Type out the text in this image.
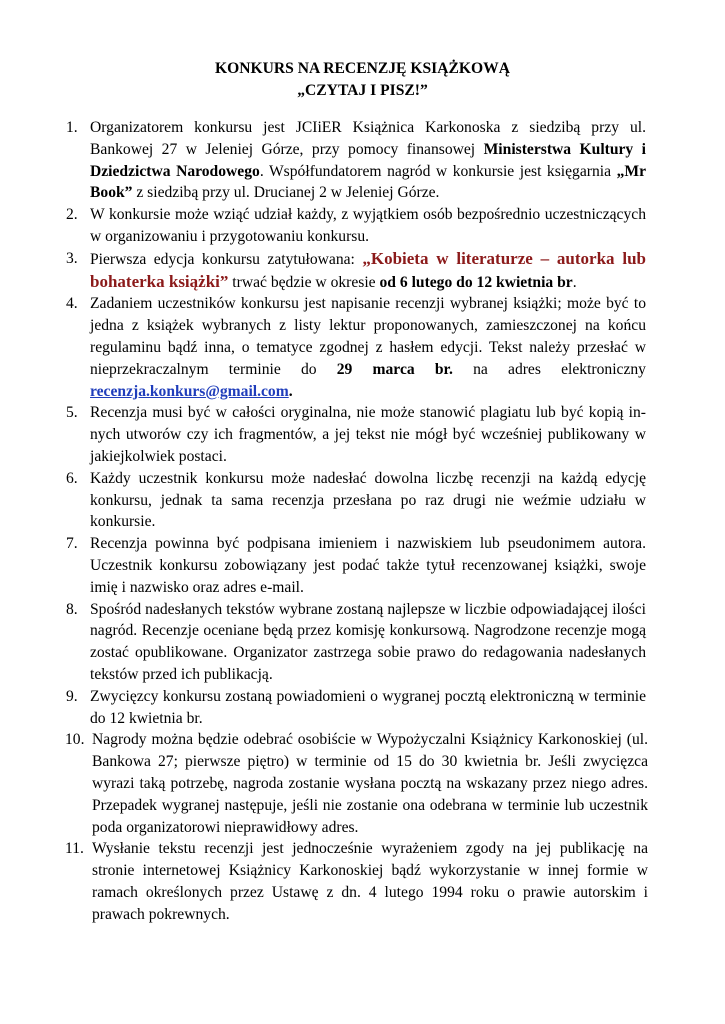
KONKURS NA RECENZJĘ KSIĄŻKOWĄ
„CZYTAJ I PISZ!”
1. Organizatorem konkursu jest JCIiER Książnica Karkonoska z siedzibą przy ul. Bankowej 27 w Jeleniej Górze, przy pomocy finansowej Ministerstwa Kultury i Dziedzictwa Narodowego. Współfundatorem nagród w konkursie jest księgarnia „Mr Book” z siedzibą przy ul. Drucianej 2 w Jeleniej Górze.
2. W konkursie może wziąć udział każdy, z wyjątkiem osób bezpośrednio uczestniczących w organizowaniu i przygotowaniu konkursu.
3. Pierwsza edycja konkursu zatytułowana: „Kobieta w literaturze – autorka lub bohaterka książki” trwać będzie w okresie od 6 lutego do 12 kwietnia br.
4. Zadaniem uczestników konkursu jest napisanie recenzji wybranej książki; może być to jedna z książek wybranych z listy lektur proponowanych, zamieszczonej na końcu regulaminu bądź inna, o tematyce zgodnej z hasłem edycji. Tekst należy przesłać w nieprzekraczalnym terminie do 29 marca br. na adres elektroniczny recenzja.konkurs@gmail.com.
5. Recenzja musi być w całości oryginalna, nie może stanowić plagiatu lub być kopią innych utworów czy ich fragmentów, a jej tekst nie mógł być wcześniej publikowany w jakiejkolwiek postaci.
6. Każdy uczestnik konkursu może nadesłać dowolna liczbę recenzji na każdą edycję konkursu, jednak ta sama recenzja przesłana po raz drugi nie weźmie udziału w konkursie.
7. Recenzja powinna być podpisana imieniem i nazwiskiem lub pseudonimem autora. Uczestnik konkursu zobowiązany jest podać także tytuł recenzowanej książki, swoje imię i nazwisko oraz adres e-mail.
8. Spośród nadesłanych tekstów wybrane zostaną najlepsze w liczbie odpowiadającej ilości nagród. Recenzje oceniane będą przez komisję konkursową. Nagrodzone recenzje mogą zostać opublikowane. Organizator zastrzega sobie prawo do redagowania nadesłanych tekstów przed ich publikacją.
9. Zwycięzcy konkursu zostaną powiadomieni o wygranej pocztą elektroniczną w terminie do 12 kwietnia br.
10. Nagrody można będzie odebrać osobiście w Wypożyczalni Książnicy Karkonoskiej (ul. Bankowa 27; pierwsze piętro) w terminie od 15 do 30 kwietnia br. Jeśli zwycięzca wyrazi taką potrzebę, nagroda zostanie wysłana pocztą na wskazany przez niego adres. Przepadek wygranej następuje, jeśli nie zostanie ona odebrana w terminie lub uczestnik poda organizatorowi nieprawidłowy adres.
11. Wysłanie tekstu recenzji jest jednocześnie wyrażeniem zgody na jej publikację na stronie internetowej Książnicy Karkonoskiej bądź wykorzystanie w innej formie w ramach określonych przez Ustawę z dn. 4 lutego 1994 roku o prawie autorskim i prawach pokrewnych.
